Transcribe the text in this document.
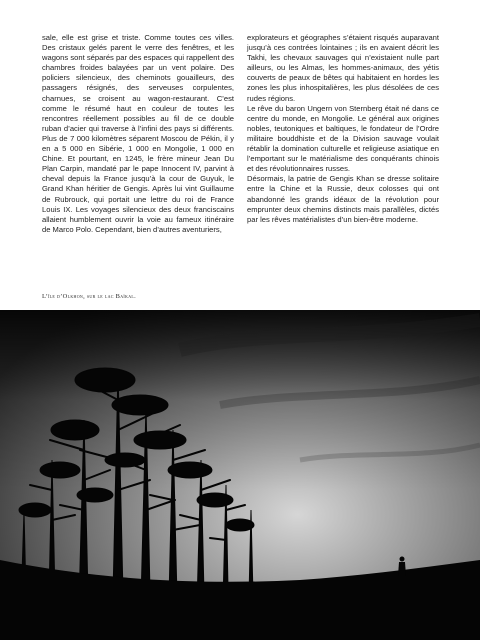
sale, elle est grise et triste. Comme toutes ces villes. Des cristaux gelés parent le verre des fenêtres, et les wagons sont séparés par des espaces qui rappellent des chambres froides balayées par un vent polaire. Des policiers silencieux, des cheminots gouailleurs, des passagers résignés, des serveuses corpulentes, charnues, se croisent au wagon-restaurant. C’est comme le résumé haut en couleur de toutes les rencontres réellement possibles au fil de ce double ruban d’acier qui traverse à l’infini des pays si différents. Plus de 7 000 kilomètres séparent Moscou de Pékin, il y en a 5 000 en Sibérie, 1 000 en Mongolie, 1 000 en Chine. Et pourtant, en 1245, le frère mineur Jean Du Plan Carpin, mandaté par le pape Innocent IV, parvint à cheval depuis la France jusqu’à la cour de Guyuk, le Grand Khan héritier de Gengis. Après lui vint Guillaume de Rubrouck, qui portait une lettre du roi de France Louis IX. Les voyages silencieux des deux franciscains allaient humblement ouvrir la voie au fameux itinéraire de Marco Polo. Cependant, bien d’autres aventuriers,

explorateurs et géographes s’étaient risqués auparavant jusqu’à ces contrées lointaines ; ils en avaient décrit les Takhi, les chevaux sauvages qui n’existaient nulle part ailleurs, ou les Almas, les hommes-animaux, des yétis couverts de peaux de bêtes qui habitaient en hordes les zones les plus inhospitalières, les plus désolées de ces rudes régions.

Le rêve du baron Ungern von Sternberg était né dans ce centre du monde, en Mongolie. Le général aux origines nobles, teutoniques et baltiques, le fondateur de l’Ordre militaire bouddhiste et de la Division sauvage voulait rétablir la domination culturelle et religieuse asiatique en l’emportant sur le matérialisme des conquérants chinois et des révolutionnaires russes.

Désormais, la patrie de Gengis Khan se dresse solitaire entre la Chine et la Russie, deux colosses qui ont abandonné les grands idéaux de la révolution pour emprunter deux chemins distincts mais parallèles, dictés par les rêves matérialistes d’un bien-être moderne.

L’île d’Olkhon, sur le lac Baïkal.
